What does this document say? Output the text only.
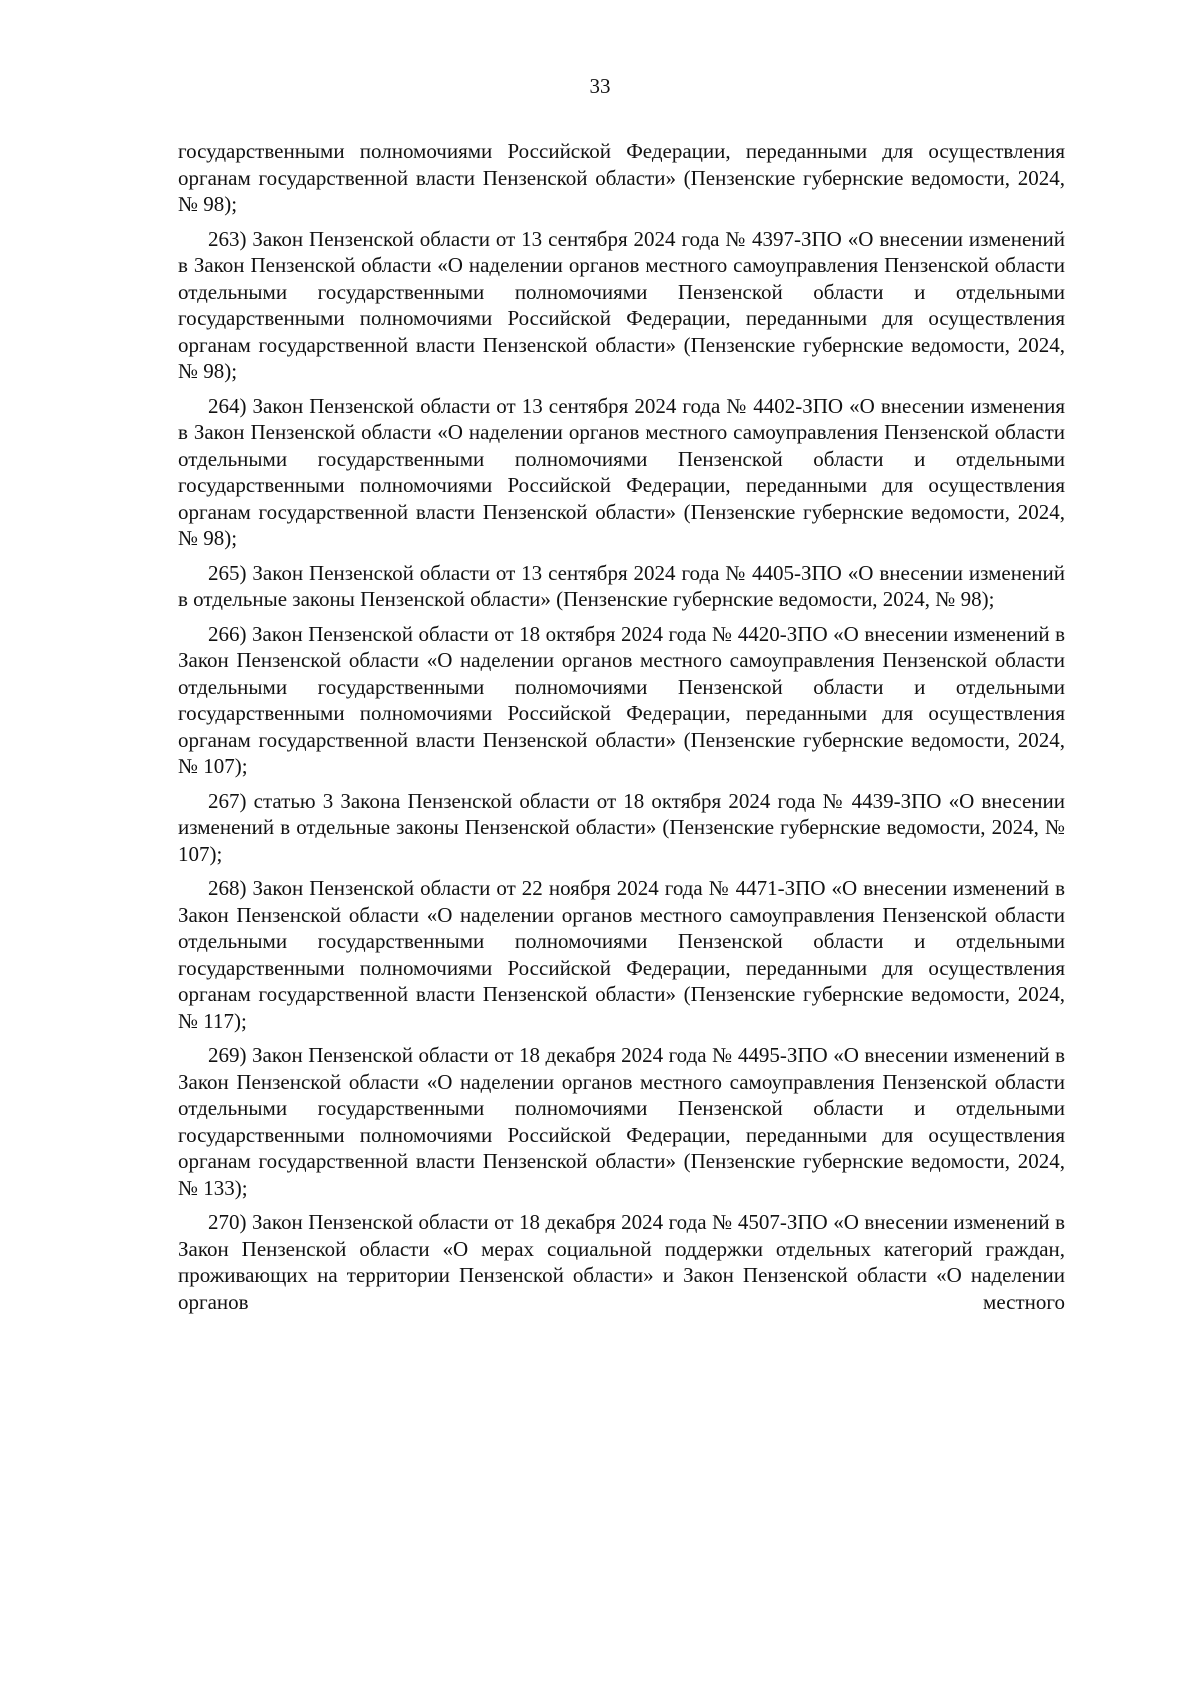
33

государственными полномочиями Российской Федерации, переданными для осуществления органам государственной власти Пензенской области» (Пензенские губернские ведомости, 2024, № 98);

263) Закон Пензенской области от 13 сентября 2024 года № 4397-ЗПО «О внесении изменений в Закон Пензенской области «О наделении органов местного самоуправления Пензенской области отдельными государственными полномочиями Пензенской области и отдельными государственными полномочиями Российской Федерации, переданными для осуществления органам государственной власти Пензенской области» (Пензенские губернские ведомости, 2024, № 98);

264) Закон Пензенской области от 13 сентября 2024 года № 4402-ЗПО «О внесении изменения в Закон Пензенской области «О наделении органов местного самоуправления Пензенской области отдельными государственными полномочиями Пензенской области и отдельными государственными полномочиями Российской Федерации, переданными для осуществления органам государственной власти Пензенской области» (Пензенские губернские ведомости, 2024, № 98);

265) Закон Пензенской области от 13 сентября 2024 года № 4405-ЗПО «О внесении изменений в отдельные законы Пензенской области» (Пензенские губернские ведомости, 2024, № 98);

266) Закон Пензенской области от 18 октября 2024 года № 4420-ЗПО «О внесении изменений в Закон Пензенской области «О наделении органов местного самоуправления Пензенской области отдельными государственными полномочиями Пензенской области и отдельными государственными полномочиями Российской Федерации, переданными для осуществления органам государственной власти Пензенской области» (Пензенские губернские ведомости, 2024, № 107);

267) статью 3 Закона Пензенской области от 18 октября 2024 года № 4439-ЗПО «О внесении изменений в отдельные законы Пензенской области» (Пензенские губернские ведомости, 2024, № 107);

268) Закон Пензенской области от 22 ноября 2024 года № 4471-ЗПО «О внесении изменений в Закон Пензенской области «О наделении органов местного самоуправления Пензенской области отдельными государственными полномочиями Пензенской области и отдельными государственными полномочиями Российской Федерации, переданными для осуществления органам государственной власти Пензенской области» (Пензенские губернские ведомости, 2024, № 117);

269) Закон Пензенской области от 18 декабря 2024 года № 4495-ЗПО «О внесении изменений в Закон Пензенской области «О наделении органов местного самоуправления Пензенской области отдельными государственными полномочиями Пензенской области и отдельными государственными полномочиями Российской Федерации, переданными для осуществления органам государственной власти Пензенской области» (Пензенские губернские ведомости, 2024, № 133);

270) Закон Пензенской области от 18 декабря 2024 года № 4507-ЗПО «О внесении изменений в Закон Пензенской области «О мерах социальной поддержки отдельных категорий граждан, проживающих на территории Пензенской области» и Закон Пензенской области «О наделении органов местного
